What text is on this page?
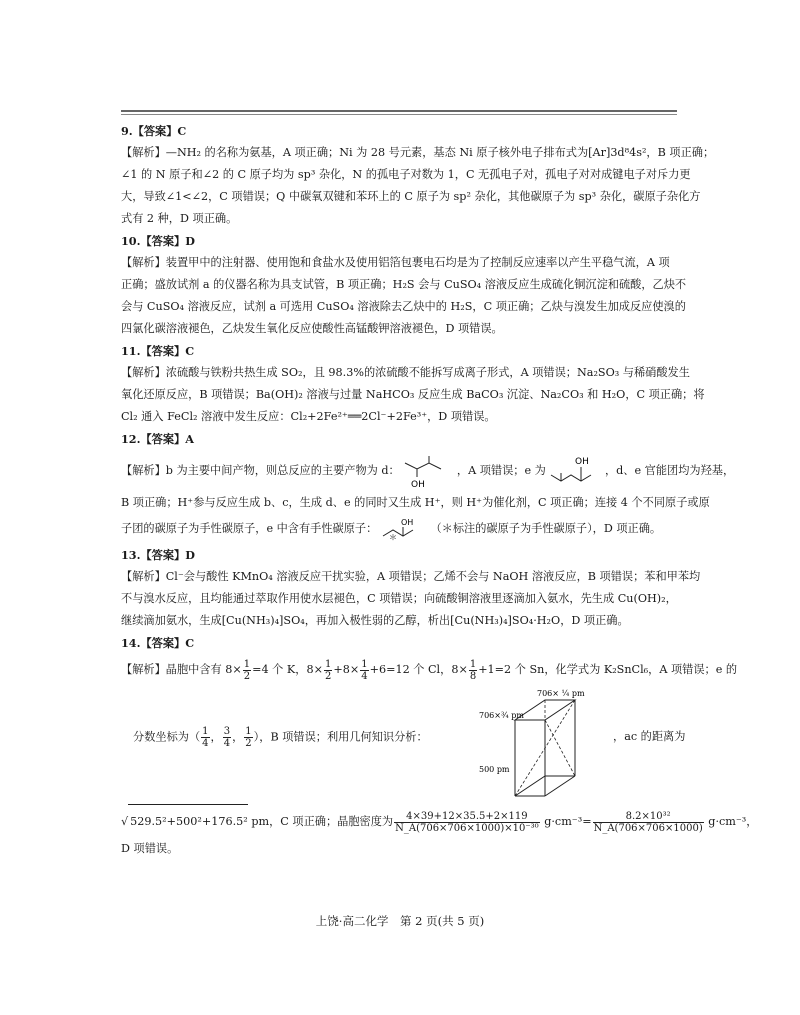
9.【答案】C
【解析】—NH₂ 的名称为氨基，A 项正确；Ni 为 28 号元素，基态 Ni 原子核外电子排布式为[Ar]3d⁸4s²，B 项正确；
∠1 的 N 原子和∠2 的 C 原子均为 sp³ 杂化，N 的孤电子对数为 1，C 无孤电子对，孤电子对对成键电子对斥力更
大，导致∠1<∠2，C 项错误；Q 中碳氧双键和苯环上的 C 原子为 sp² 杂化，其他碳原子为 sp³ 杂化，碳原子杂化方
式有 2 种，D 项正确。
10.【答案】D
【解析】装置甲中的注射器、使用饱和食盐水及使用铝箔包裹电石均是为了控制反应速率以产生平稳气流，A 项
正确；盛放试剂 a 的仪器名称为具支试管，B 项正确；H₂S 会与 CuSO₄ 溶液反应生成硫化铜沉淀和硫酸，乙炔不
会与 CuSO₄ 溶液反应，试剂 a 可选用 CuSO₄ 溶液除去乙炔中的 H₂S，C 项正确；乙炔与溴发生加成反应使溴的
四氯化碳溶液褪色，乙炔发生氧化反应使酸性高锰酸钾溶液褪色，D 项错误。
11.【答案】C
【解析】浓硫酸与铁粉共热生成 SO₂，且 98.3%的浓硫酸不能拆写成离子形式，A 项错误；Na₂SO₃ 与稀硝酸发生
氧化还原反应，B 项错误；Ba(OH)₂ 溶液与过量 NaHCO₃ 反应生成 BaCO₃ 沉淀、Na₂CO₃ 和 H₂O，C 项正确；将
Cl₂ 通入 FeCl₂ 溶液中发生反应：Cl₂+2Fe²⁺══2Cl⁻+2Fe³⁺，D 项错误。
12.【答案】A
【解析】b 为主要中间产物，则总反应的主要产物为 d：
OH
，A 项错误；e 为
OH
，d、e 官能团均为羟基，
B 项正确；H⁺参与反应生成 b、c，生成 d、e 的同时又生成 H⁺，则 H⁺为催化剂，C 项正确；连接 4 个不同原子或原
子团的碳原子为手性碳原子，e 中含有手性碳原子：	OH
＊
（＊标注的碳原子为手性碳原子），D 项正确。
13.【答案】D
【解析】Cl⁻会与酸性 KMnO₄ 溶液反应干扰实验，A 项错误；乙烯不会与 NaOH 溶液反应，B 项错误；苯和甲苯均
不与溴水反应，且均能通过萃取作用使水层褪色，C 项错误；向硫酸铜溶液里逐滴加入氨水，先生成 Cu(OH)₂，
继续滴加氨水，生成[Cu(NH₃)₄]SO₄，再加入极性弱的乙醇，析出[Cu(NH₃)₄]SO₄·H₂O，D 项正确。
14.【答案】C
【解析】晶胞中含有 $8\times \frac{1}{2} =4$ 个 K，$8\times \frac{1}{2} +8\times \frac{1}{4} +6=12$ 个 Cl，$8\times \frac{1}{8} +1=2$ 个 Sn，化学式为 K₂SnCl₆，A 项错误；e 的
分数坐标为（ $\frac{1}{4}$ ， $\frac{3}{4}$ ， $\frac{1}{2}$ ），B 项错误；利用几何知识分析：
706× ¼ pm
706×¾ pm
500 pm
，ac 的距离为
√ 529.5²+500²+176.5² pm，C 项正确；晶胞密度为 $\frac{4\times 39+12\times 35.5+2\times 119}{\text{N\_A(706×706×1000)×10⁻³⁰}} g\cdot cm^{-3}= \frac{\text{8.2×10³²}}{N\_A(706\times 706\times 1000)} g\cdot cm^{-3}$，
D 项错误。
上饶·高二化学　第 2 页(共 5 页)
